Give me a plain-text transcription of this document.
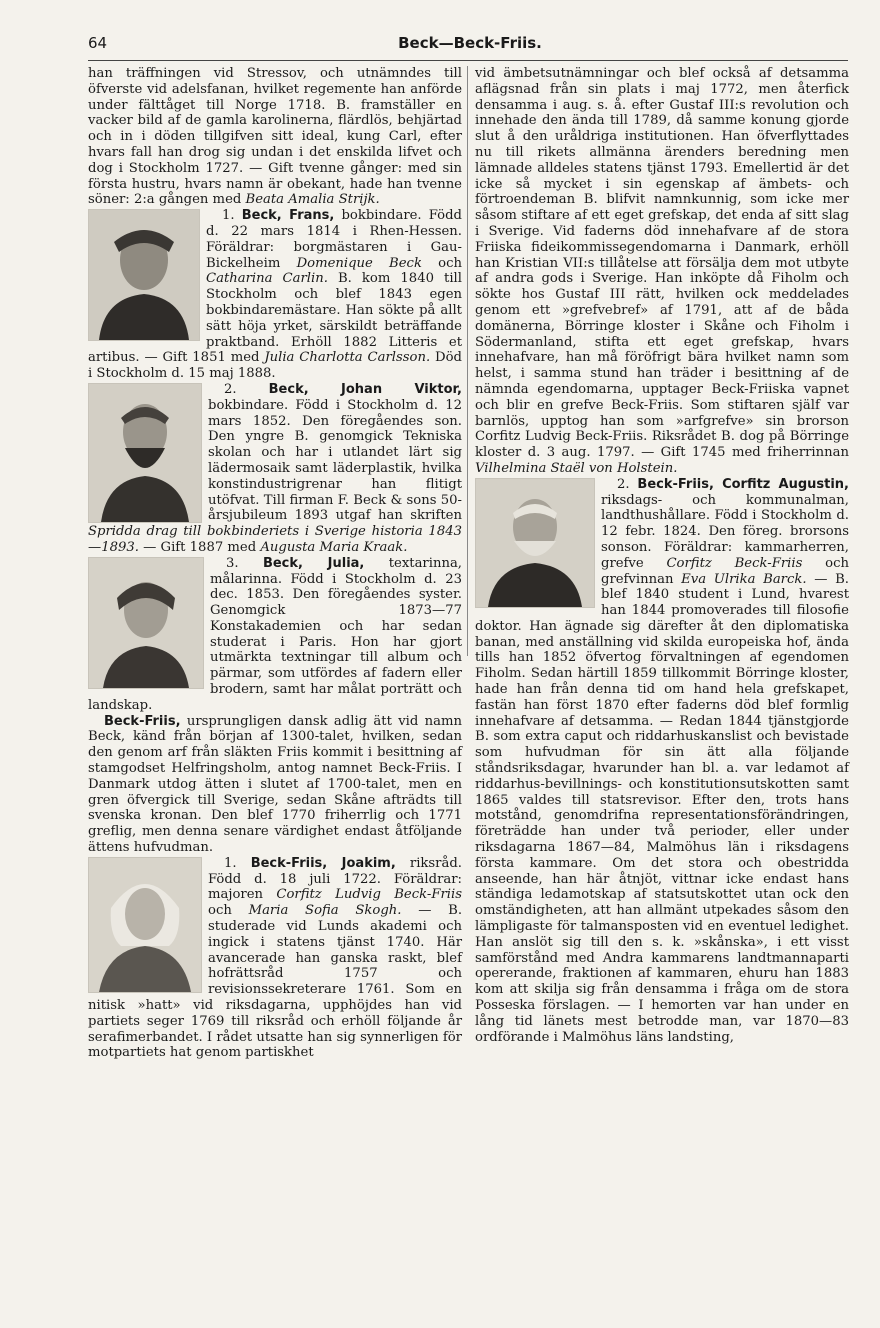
64	Beck—Beck-Friis.

han träffningen vid Stressov, och utnämndes till öfverste vid adelsfanan, hvilket regemente han anförde under fälttåget till Norge 1718. B. framställer en vacker bild af de gamla karolinerna, flärdlös, behjärtad och in i döden tillgifven sitt ideal, kung Carl, efter hvars fall han drog sig undan i det enskilda lifvet och dog i Stockholm 1727. — Gift tvenne gånger: med sin första hustru, hvars namn är obekant, hade han tvenne söner: 2:a gången med Beata Amalia Strijk.

1. Beck, Frans, bokbindare. Född d. 22 mars 1814 i Rhen-Hessen. Föräldrar: borgmästaren i Gau-Bickelheim Domenique Beck och Catharina Carlin. B. kom 1840 till Stockholm och blef 1843 egen bokbindaremästare. Han sökte på allt sätt höja yrket, särskildt beträffande praktband. Erhöll 1882 Litteris et artibus. — Gift 1851 med Julia Charlotta Carlsson. Död i Stockholm d. 15 maj 1888.

2. Beck, Johan Viktor,
bokbindare. Född i Stockholm d. 12 mars 1852. Den föregåendes son. Den yngre B. genomgick Tekniska skolan och har i utlandet lärt sig lädermosaik samt läderplastik, hvilka konstindustrigrenar han flitigt utöfvat. Till firman F. Beck & sons 50-årsjubileum 1893 utgaf han skriften Spridda drag till bokbinderiets i Sverige historia 1843—1893. — Gift 1887 med Augusta Maria Kraak.

3. Beck, Julia, textarinna, målarinna. Född i Stockholm d. 23 dec. 1853. Den föregåendes syster. Genomgick 1873—77 Konstakademien och har sedan studerat i Paris. Hon har gjort utmärkta textningar till album och pärmar, som utfördes af fadern eller brodern, samt har målat porträtt och landskap.

Beck-Friis, ursprungligen dansk adlig ätt vid namn Beck, känd från början af 1300-talet, hvilken, sedan den genom arf från släkten Friis kommit i besittning af stamgodset Helfringsholm, antog namnet Beck-Friis. I Danmark utdog ätten i slutet af 1700-talet, men en gren öfvergick till Sverige, sedan Skåne afträdts till svenska kronan. Den blef 1770 friherrlig och 1771 greflig, men denna senare värdighet endast åtföljande ättens hufvudman.

1. Beck-Friis, Joakim, riksråd. Född d. 18 juli 1722. Föräldrar: majoren Corfitz Ludvig Beck-Friis och Maria Sofia Skogh. — B. studerade vid Lunds akademi och ingick i statens tjänst 1740. Här avancerade han ganska raskt, blef hofrättsråd 1757 och revisionssekreterare 1761. Som en nitisk »hatt» vid riksdagarna, upphöjdes han vid partiets seger 1769 till riksråd och erhöll följande år serafimerbandet. I rådet utsatte han sig synnerligen för motpartiets hat genom partiskhet

vid ämbetsutnämningar och blef också af detsamma aflägsnad från sin plats i maj 1772, men återfick densamma i aug. s. å. efter Gustaf III:s revolution och innehade den ända till 1789, då samme konung gjorde slut å den uråldriga institutionen. Han öfverflyttades nu till rikets allmänna ärenders beredning men lämnade alldeles statens tjänst 1793. Emellertid är det icke så mycket i sin egenskap af ämbets- och förtroendeman B. blifvit namnkunnig, som icke mer såsom stiftare af ett eget grefskap, det enda af sitt slag i Sverige. Vid faderns död innehafvare af de stora Friiska fideikommissegendomarna i Danmark, erhöll han Kristian VII:s tillåtelse att försälja dem mot utbyte af andra gods i Sverige. Han inköpte då Fiholm och sökte hos Gustaf III rätt, hvilken ock meddelades genom ett »grefvebref» af 1791, att af de båda domänerna, Börringe kloster i Skåne och Fiholm i Södermanland, stifta ett eget grefskap, hvars innehafvare, han må föröfrigt bära hvilket namn som helst, i samma stund han träder i besittning af de nämnda egendomarna, upptager Beck-Friiska vapnet och blir en grefve Beck-Friis. Som stiftaren själf var barnlös, upptog han som »arfgrefve» sin brorson Corfitz Ludvig Beck-Friis. Riksrådet B. dog på Börringe kloster d. 3 aug. 1797. — Gift 1745 med friherrinnan Vilhelmina Staël von Holstein.

2. Beck-Friis, Corfitz Augustin,
riksdags- och kommunalman, landthushållare. Född i Stockholm d. 12 febr. 1824. Den föreg. brorsons sonson. Föräldrar: kammarherren, grefve Corfitz Beck-Friis och grefvinnan Eva Ulrika Barck. — B. blef 1840 student i Lund, hvarest han 1844 promoverades till filosofie doktor. Han ägnade sig därefter åt den diplomatiska banan, med anställning vid skilda europeiska hof, ända tills han 1852 öfvertog förvaltningen af egendomen Fiholm. Sedan härtill 1859 tillkommit Börringe kloster, hade han från denna tid om hand hela grefskapet, fastän han först 1870 efter faderns död blef formlig innehafvare af detsamma. — Redan 1844 tjänstgjorde B. som extra caput och riddarhuskanslist och bevistade som hufvudman för sin ätt alla följande ståndsriksdagar, hvarunder han bl. a. var ledamot af riddarhus-bevillnings- och konstitutionsutskotten samt 1865 valdes till statsrevisor. Efter den, trots hans motstånd, genomdrifna representationsförändringen, företrädde han under två perioder, eller under riksdagarna 1867—84, Malmöhus län i riksdagens första kammare. Om det stora och obestridda anseende, han här åtnjöt, vittnar icke endast hans ständiga ledamotskap af statsutskottet utan ock den omständigheten, att han allmänt utpekades såsom den lämpligaste för talmansposten vid en eventuel ledighet. Han anslöt sig till den s. k. »skånska», i ett visst samförstånd med Andra kammarens landtmannaparti opererande, fraktionen af kammaren, ehuru han 1883 kom att skilja sig från densamma i fråga om de stora Posseska förslagen. — I hemorten var han under en lång tid länets mest betrodde man, var 1870—83 ordförande i Malmöhus läns landsting,
